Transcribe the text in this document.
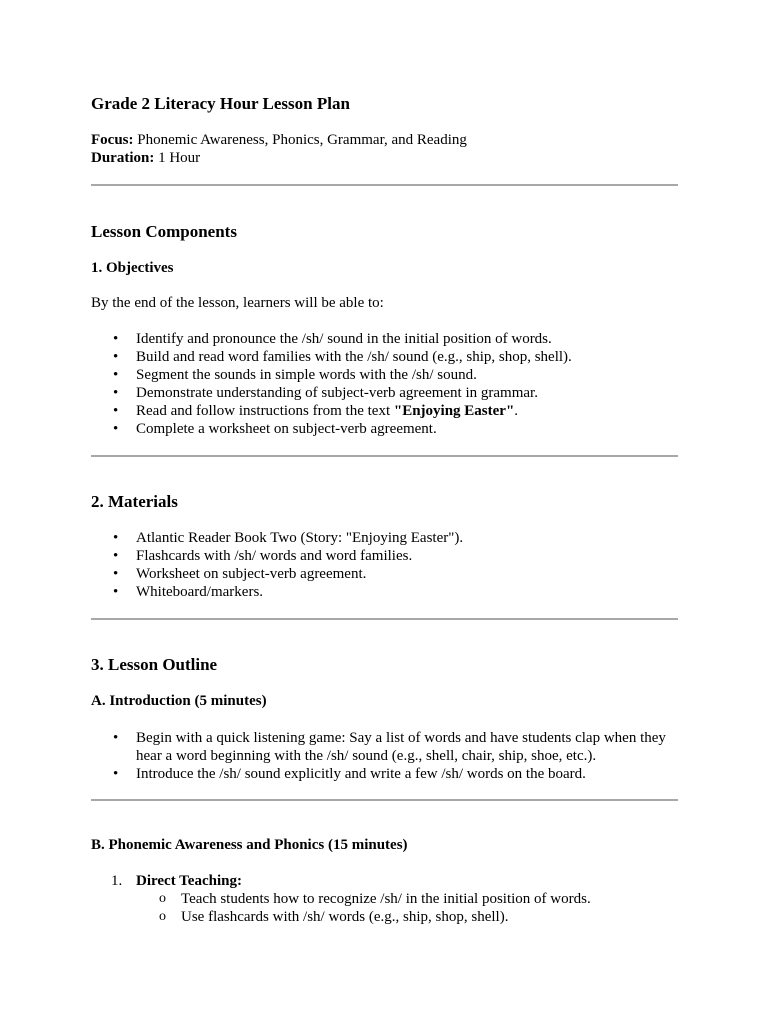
Grade 2 Literacy Hour Lesson Plan

Focus: Phonemic Awareness, Phonics, Grammar, and Reading

Duration: 1 Hour

Lesson Components
1. Objectives

By the end of the lesson, learners will be able to:

• Identify and pronounce the /sh/ sound in the initial position of words.
• Build and read word families with the /sh/ sound (e.g., ship, shop, shell).
• Segment the sounds in simple words with the /sh/ sound.
• Demonstrate understanding of subject-verb agreement in grammar.
• Read and follow instructions from the text "Enjoying Easter".
• Complete a worksheet on subject-verb agreement.
2. Materials
• Atlantic Reader Book Two (Story: "Enjoying Easter").
• Flashcards with /sh/ words and word families.
• Worksheet on subject-verb agreement.
• Whiteboard/markers.
3. Lesson Outline
A. Introduction (5 minutes)
• Begin with a quick listening game: Say a list of words and have students clap when they hear a word beginning with the /sh/ sound (e.g., shell, chair, ship, shoe, etc.).
• Introduce the /sh/ sound explicitly and write a few /sh/ words on the board.
B. Phonemic Awareness and Phonics (15 minutes)
1. Direct Teaching:
o Teach students how to recognize /sh/ in the initial position of words.
o Use flashcards with /sh/ words (e.g., ship, shop, shell).
